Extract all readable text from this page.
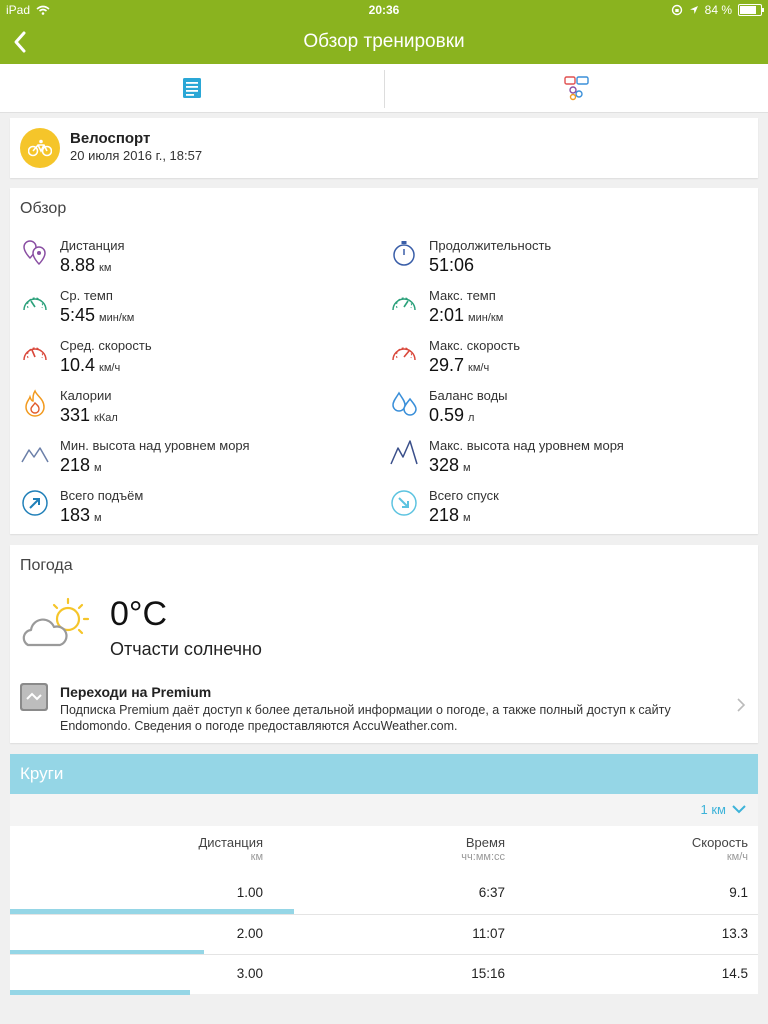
iPad	20:36	84 %
Обзор тренировки
Велоспорт
20 июля 2016 г., 18:57
Обзор
Дистанция
8.88 км
Продолжительность
51:06
Ср. темп
5:45 мин/км
Макс. темп
2:01 мин/км
Сред. скорость
10.4 км/ч
Макс. скорость
29.7 км/ч
Калории
331 кКал
Баланс воды
0.59 л
Мин. высота над уровнем моря
218 м
Макс. высота над уровнем моря
328 м
Всего подъём
183 м
Всего спуск
218 м
Погода
0°C
Отчасти солнечно
Переходи на Premium
Подписка Premium даёт доступ к более детальной информации о погоде, а также полный доступ к сайту Endomondo. Сведения о погоде предоставляются AccuWeather.com.
Круги
1 км
Дистанция
км
Время
чч:мм:сс
Скорость
км/ч
1.00	6:37	9.1
2.00	11:07	13.3
3.00	15:16	14.5
